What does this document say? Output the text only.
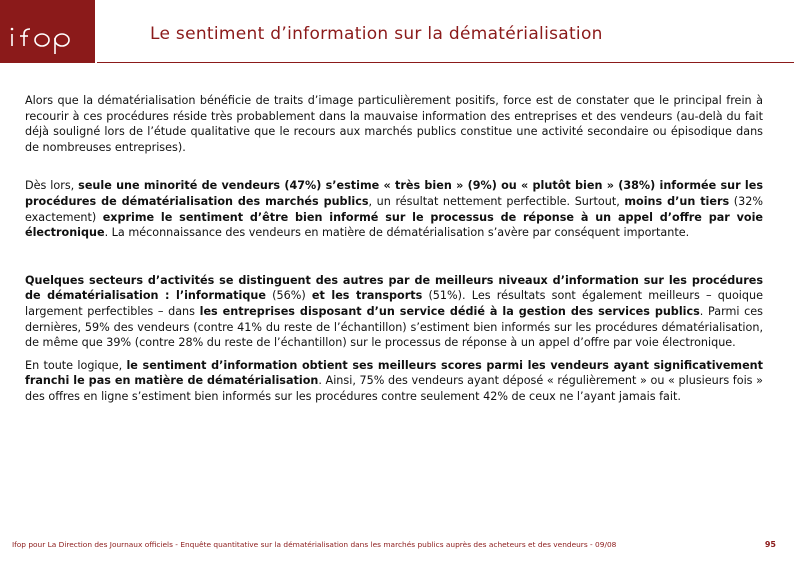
Le sentiment d’information sur la dématérialisation

Alors que la dématérialisation bénéficie de traits d’image particulièrement positifs, force est de constater que le principal frein à recourir à ces procédures réside très probablement dans la mauvaise information des entreprises et des vendeurs (au-delà du fait déjà souligné lors de l’étude qualitative que le recours aux marchés publics constitue une activité secondaire ou épisodique dans de nombreuses entreprises).

Dès lors, seule une minorité de vendeurs (47%) s’estime « très bien » (9%) ou « plutôt bien » (38%) informée sur les procédures de dématérialisation des marchés publics, un résultat nettement perfectible. Surtout, moins d’un tiers (32% exactement) exprime le sentiment d’être bien informé sur le processus de réponse à un appel d’offre par voie électronique. La méconnaissance des vendeurs en matière de dématérialisation s’avère par conséquent importante.

Quelques secteurs d’activités se distinguent des autres par de meilleurs niveaux d’information sur les procédures de dématérialisation : l’informatique (56%) et les transports (51%). Les résultats sont également meilleurs – quoique largement perfectibles – dans les entreprises disposant d’un service dédié à la gestion des services publics. Parmi ces dernières, 59% des vendeurs (contre 41% du reste de l’échantillon) s’estiment bien informés sur les procédures dématérialisation, de même que 39% (contre 28% du reste de l’échantillon) sur le processus de réponse à un appel d’offre par voie électronique.

En toute logique, le sentiment d’information obtient ses meilleurs scores parmi les vendeurs ayant significativement franchi le pas en matière de dématérialisation. Ainsi, 75% des vendeurs ayant déposé « régulièrement » ou « plusieurs fois » des offres en ligne s’estiment bien informés sur les procédures contre seulement 42% de ceux ne l’ayant jamais fait.

Ifop pour La Direction des Journaux officiels - Enquête quantitative sur la dématérialisation dans les marchés publics auprès des acheteurs et des vendeurs - 09/08	95
